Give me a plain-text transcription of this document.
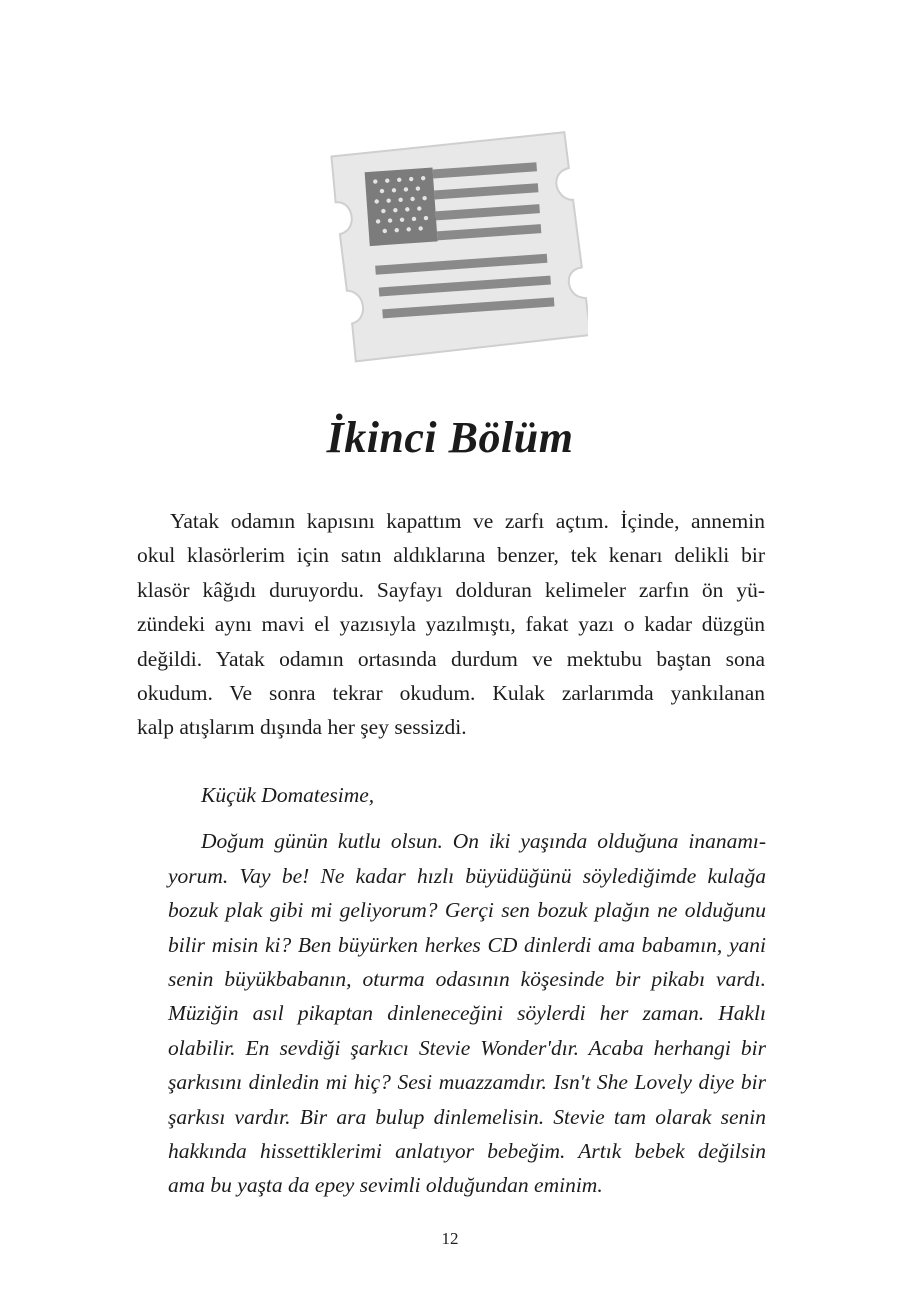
İkinci Bölüm
Yatak odamın kapısını kapattım ve zarfı açtım. İçinde, annemin
okul klasörlerim için satın aldıklarına benzer, tek kenarı delikli bir
klasör kâğıdı duruyordu. Sayfayı dolduran kelimeler zarfın ön yü-
zündeki aynı mavi el yazısıyla yazılmıştı, fakat yazı o kadar düzgün
değildi. Yatak odamın ortasında durdum ve mektubu baştan sona
okudum. Ve sonra tekrar okudum. Kulak zarlarımda yankılanan
kalp atışlarım dışında her şey sessizdi.
Küçük Domatesime,
Doğum günün kutlu olsun. On iki yaşında olduğuna inanamı-
yorum. Vay be! Ne kadar hızlı büyüdüğünü söylediğimde kulağa
bozuk plak gibi mi geliyorum? Gerçi sen bozuk plağın ne olduğunu
bilir misin ki? Ben büyürken herkes CD dinlerdi ama babamın, yani
senin büyükbabanın, oturma odasının köşesinde bir pikabı vardı.
Müziğin asıl pikaptan dinleneceğini söylerdi her zaman. Haklı
olabilir. En sevdiği şarkıcı Stevie Wonder'dır. Acaba herhangi bir
şarkısını dinledin mi hiç? Sesi muazzamdır. Isn't She Lovely diye bir
şarkısı vardır. Bir ara bulup dinlemelisin. Stevie tam olarak senin
hakkında hissettiklerimi anlatıyor bebeğim. Artık bebek değilsin
ama bu yaşta da epey sevimli olduğundan eminim.
12
